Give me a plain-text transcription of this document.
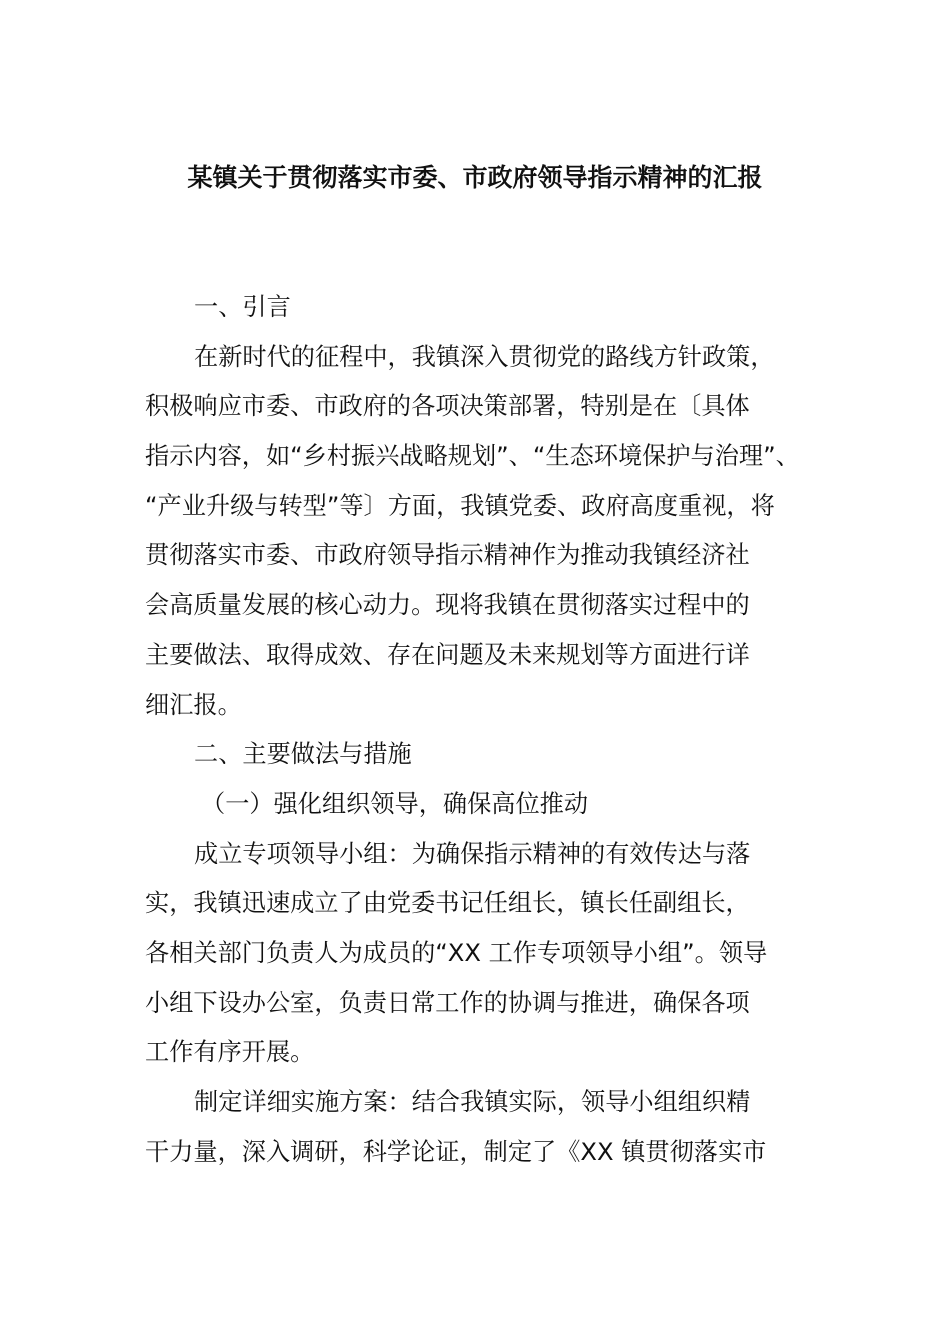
某镇关于贯彻落实市委、市政府领导指示精神的汇报
一、引言
在新时代的征程中，我镇深入贯彻党的路线方针政策，
积极响应市委、市政府的各项决策部署，特别是在〔具体
指示内容，如“乡村振兴战略规划”、“生态环境保护与治理”、
“产业升级与转型”等〕方面，我镇党委、政府高度重视，将
贯彻落实市委、市政府领导指示精神作为推动我镇经济社
会高质量发展的核心动力。现将我镇在贯彻落实过程中的
主要做法、取得成效、存在问题及未来规划等方面进行详
细汇报。
二、主要做法与措施
（一）强化组织领导，确保高位推动
成立专项领导小组：为确保指示精神的有效传达与落
实，我镇迅速成立了由党委书记任组长，镇长任副组长，
各相关部门负责人为成员的“XX 工作专项领导小组”。领导
小组下设办公室，负责日常工作的协调与推进，确保各项
工作有序开展。
制定详细实施方案：结合我镇实际，领导小组组织精
干力量，深入调研，科学论证，制定了《XX 镇贯彻落实市
